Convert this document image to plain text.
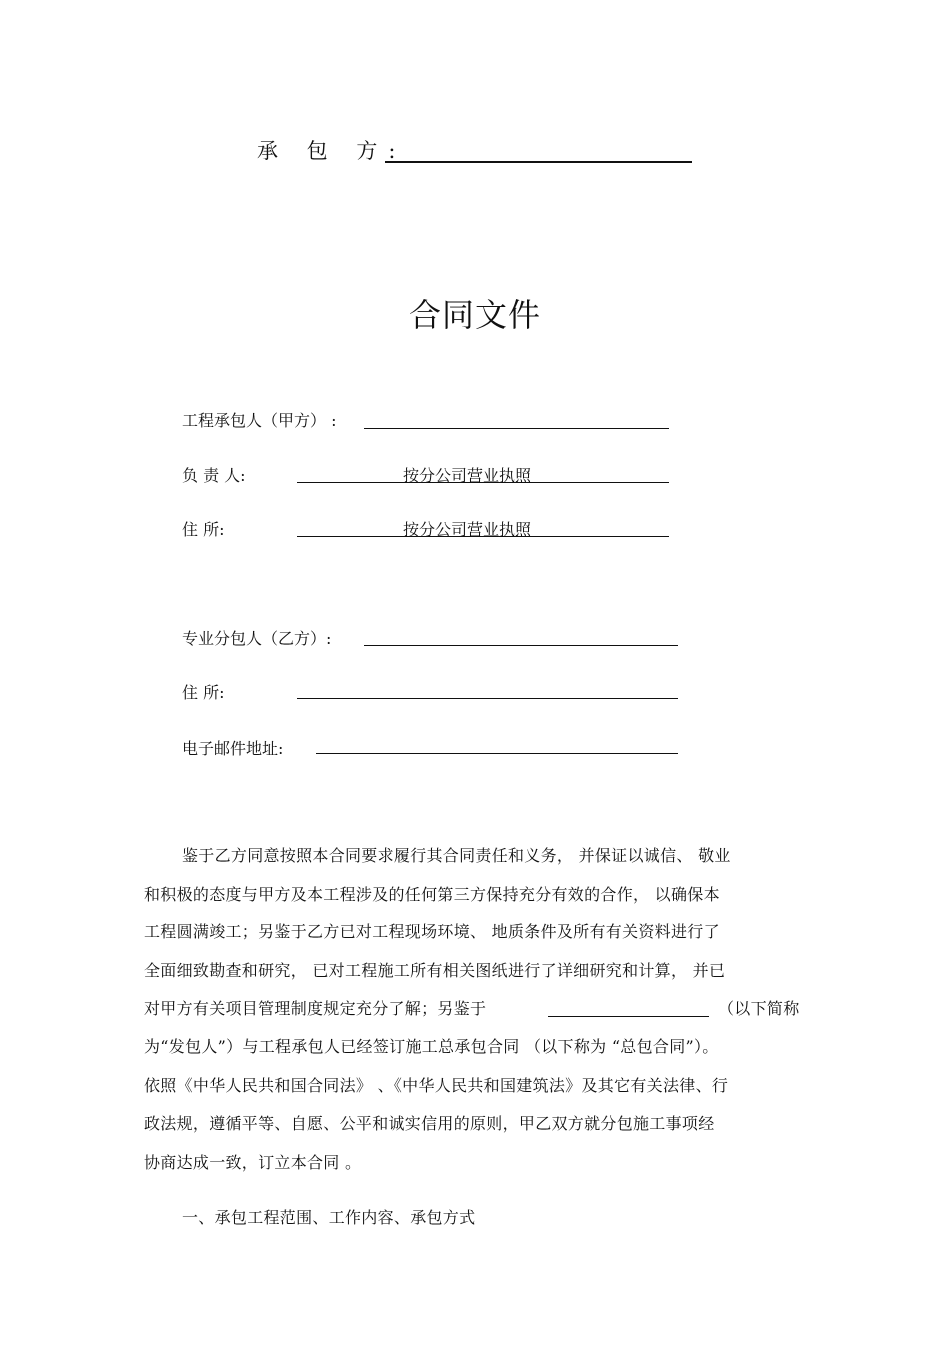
承 包 方:
合同文件
工程承包人（甲方） :
负 责 人:	按分公司营业执照
住 所:	按分公司营业执照
专业分包人（乙方）:
住 所:
电子邮件地址:
鉴于乙方同意按照本合同要求履行其合同责任和义务， 并保证以诚信、 敬业
和积极的态度与甲方及本工程涉及的任何第三方保持充分有效的合作， 以确保本
工程圆满竣工；另鉴于乙方已对工程现场环境、 地质条件及所有有关资料进行了
全面细致勘查和研究， 已对工程施工所有相关图纸进行了详细研究和计算， 并已
对甲方有关项目管理制度规定充分了解；另鉴于	（以下简称
为“发包人”）与工程承包人已经签订施工总承包合同 （以下称为 “总包合同”）。
依照《中华人民共和国合同法》 、《中华人民共和国建筑法》及其它有关法律、行
政法规，遵循平等、自愿、公平和诚实信用的原则，甲乙双方就分包施工事项经
协商达成一致，订立本合同 。
一、承包工程范围、工作内容、承包方式
